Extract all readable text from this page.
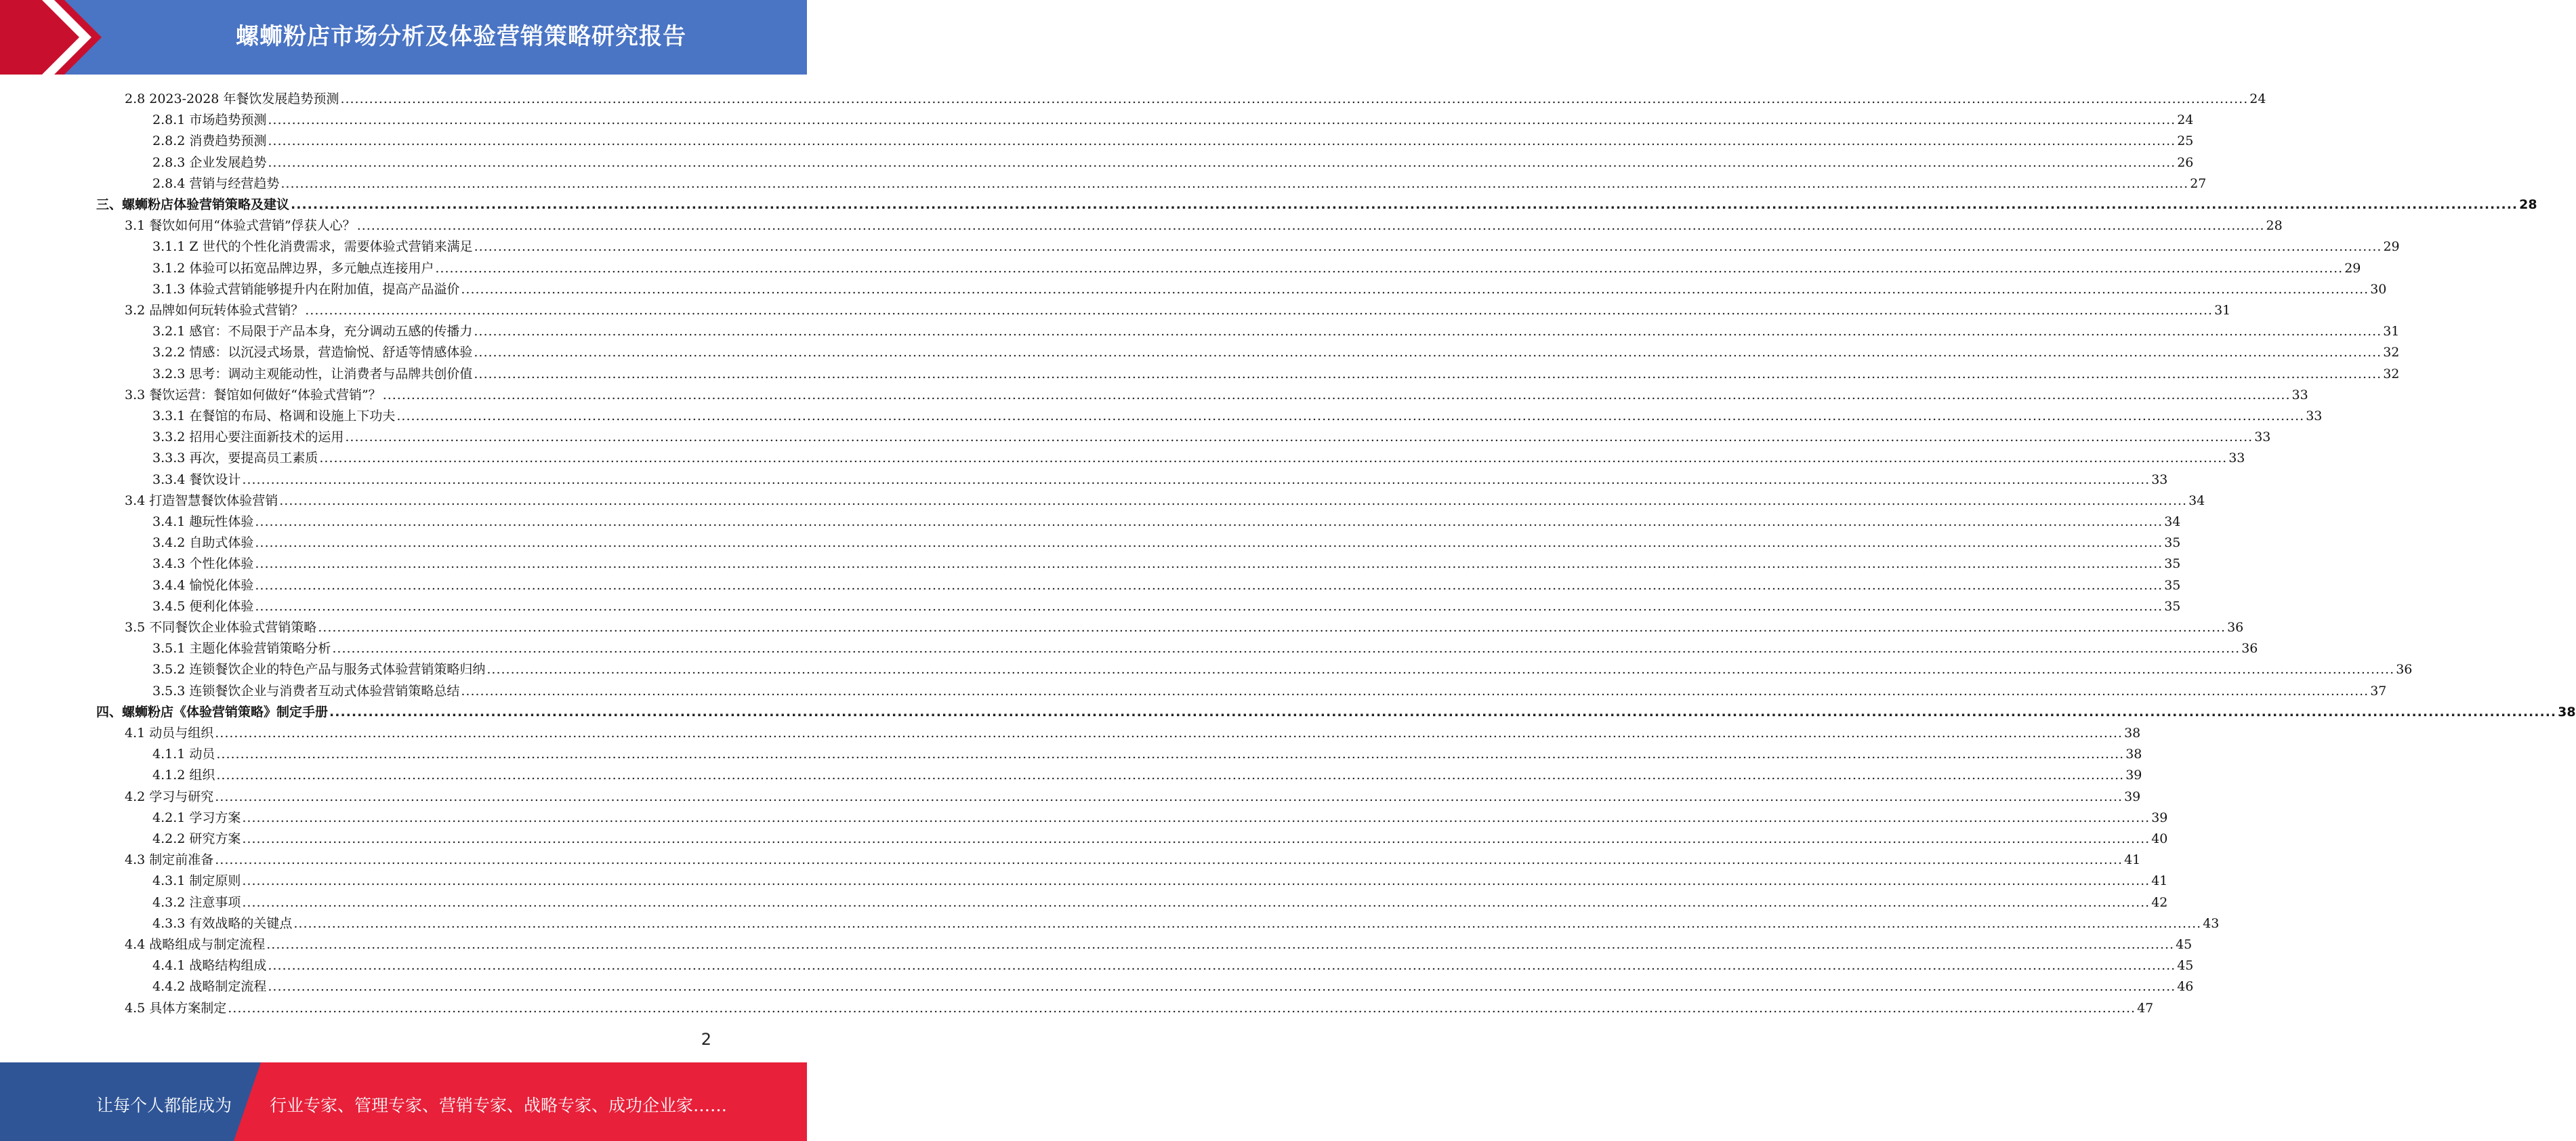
螺蛳粉店市场分析及体验营销策略研究报告
2.8 2023-2028 年餐饮发展趋势预测 ................................................................................................................................................................................................................................................................................................................................................................................................................ 24
2.8.1 市场趋势预测 ................................................................................................................................................................................................................................................................................................................................................................................................................ 24
2.8.2 消费趋势预测 ................................................................................................................................................................................................................................................................................................................................................................................................................ 25
2.8.3 企业发展趋势 ................................................................................................................................................................................................................................................................................................................................................................................................................ 26
2.8.4 营销与经营趋势 ................................................................................................................................................................................................................................................................................................................................................................................................................ 27
三、螺蛳粉店体验营销策略及建议 ................................................................................................................................................................................................................................................................................................................................................................................................................ 28
3.1 餐饮如何用“体验式营销”俘获人心？ ................................................................................................................................................................................................................................................................................................................................................................................................................ 28
3.1.1 Z 世代的个性化消费需求，需要体验式营销来满足 ................................................................................................................................................................................................................................................................................................................................................................................................................ 29
3.1.2 体验可以拓宽品牌边界，多元触点连接用户 ................................................................................................................................................................................................................................................................................................................................................................................................................ 29
3.1.3 体验式营销能够提升内在附加值，提高产品溢价 ................................................................................................................................................................................................................................................................................................................................................................................................................ 30
3.2 品牌如何玩转体验式营销？ ................................................................................................................................................................................................................................................................................................................................................................................................................ 31
3.2.1 感官：不局限于产品本身，充分调动五感的传播力 ................................................................................................................................................................................................................................................................................................................................................................................................................ 31
3.2.2 情感：以沉浸式场景，营造愉悦、舒适等情感体验 ................................................................................................................................................................................................................................................................................................................................................................................................................ 32
3.2.3 思考：调动主观能动性，让消费者与品牌共创价值 ................................................................................................................................................................................................................................................................................................................................................................................................................ 32
3.3 餐饮运营：餐馆如何做好“体验式营销”？ ................................................................................................................................................................................................................................................................................................................................................................................................................ 33
3.3.1 在餐馆的布局、格调和设施上下功夫 ................................................................................................................................................................................................................................................................................................................................................................................................................ 33
3.3.2 招用心要注面新技术的运用 ................................................................................................................................................................................................................................................................................................................................................................................................................ 33
3.3.3 再次，要提高员工素质 ................................................................................................................................................................................................................................................................................................................................................................................................................ 33
3.3.4 餐饮设计 ................................................................................................................................................................................................................................................................................................................................................................................................................ 33
3.4 打造智慧餐饮体验营销 ................................................................................................................................................................................................................................................................................................................................................................................................................ 34
3.4.1 趣玩性体验 ................................................................................................................................................................................................................................................................................................................................................................................................................ 34
3.4.2 自助式体验 ................................................................................................................................................................................................................................................................................................................................................................................................................ 35
3.4.3 个性化体验 ................................................................................................................................................................................................................................................................................................................................................................................................................ 35
3.4.4 愉悦化体验 ................................................................................................................................................................................................................................................................................................................................................................................................................ 35
3.4.5 便利化体验 ................................................................................................................................................................................................................................................................................................................................................................................................................ 35
3.5 不同餐饮企业体验式营销策略 ................................................................................................................................................................................................................................................................................................................................................................................................................ 36
3.5.1 主题化体验营销策略分析 ................................................................................................................................................................................................................................................................................................................................................................................................................ 36
3.5.2 连锁餐饮企业的特色产品与服务式体验营销策略归纳 ................................................................................................................................................................................................................................................................................................................................................................................................................ 36
3.5.3 连锁餐饮企业与消费者互动式体验营销策略总结 ................................................................................................................................................................................................................................................................................................................................................................................................................ 37
四、螺蛳粉店《体验营销策略》制定手册 ................................................................................................................................................................................................................................................................................................................................................................................................................ 38
4.1 动员与组织 ................................................................................................................................................................................................................................................................................................................................................................................................................ 38
4.1.1 动员 ................................................................................................................................................................................................................................................................................................................................................................................................................ 38
4.1.2 组织 ................................................................................................................................................................................................................................................................................................................................................................................................................ 39
4.2 学习与研究 ................................................................................................................................................................................................................................................................................................................................................................................................................ 39
4.2.1 学习方案 ................................................................................................................................................................................................................................................................................................................................................................................................................ 39
4.2.2 研究方案 ................................................................................................................................................................................................................................................................................................................................................................................................................ 40
4.3 制定前准备 ................................................................................................................................................................................................................................................................................................................................................................................................................ 41
4.3.1 制定原则 ................................................................................................................................................................................................................................................................................................................................................................................................................ 41
4.3.2 注意事项 ................................................................................................................................................................................................................................................................................................................................................................................................................ 42
4.3.3 有效战略的关键点 ................................................................................................................................................................................................................................................................................................................................................................................................................ 43
4.4 战略组成与制定流程 ................................................................................................................................................................................................................................................................................................................................................................................................................ 45
4.4.1 战略结构组成 ................................................................................................................................................................................................................................................................................................................................................................................................................ 45
4.4.2 战略制定流程 ................................................................................................................................................................................................................................................................................................................................................................................................................ 46
4.5 具体方案制定 ................................................................................................................................................................................................................................................................................................................................................................................................................ 47
2
让每个人都能成为 行业专家、管理专家、营销专家、战略专家、成功企业家……
